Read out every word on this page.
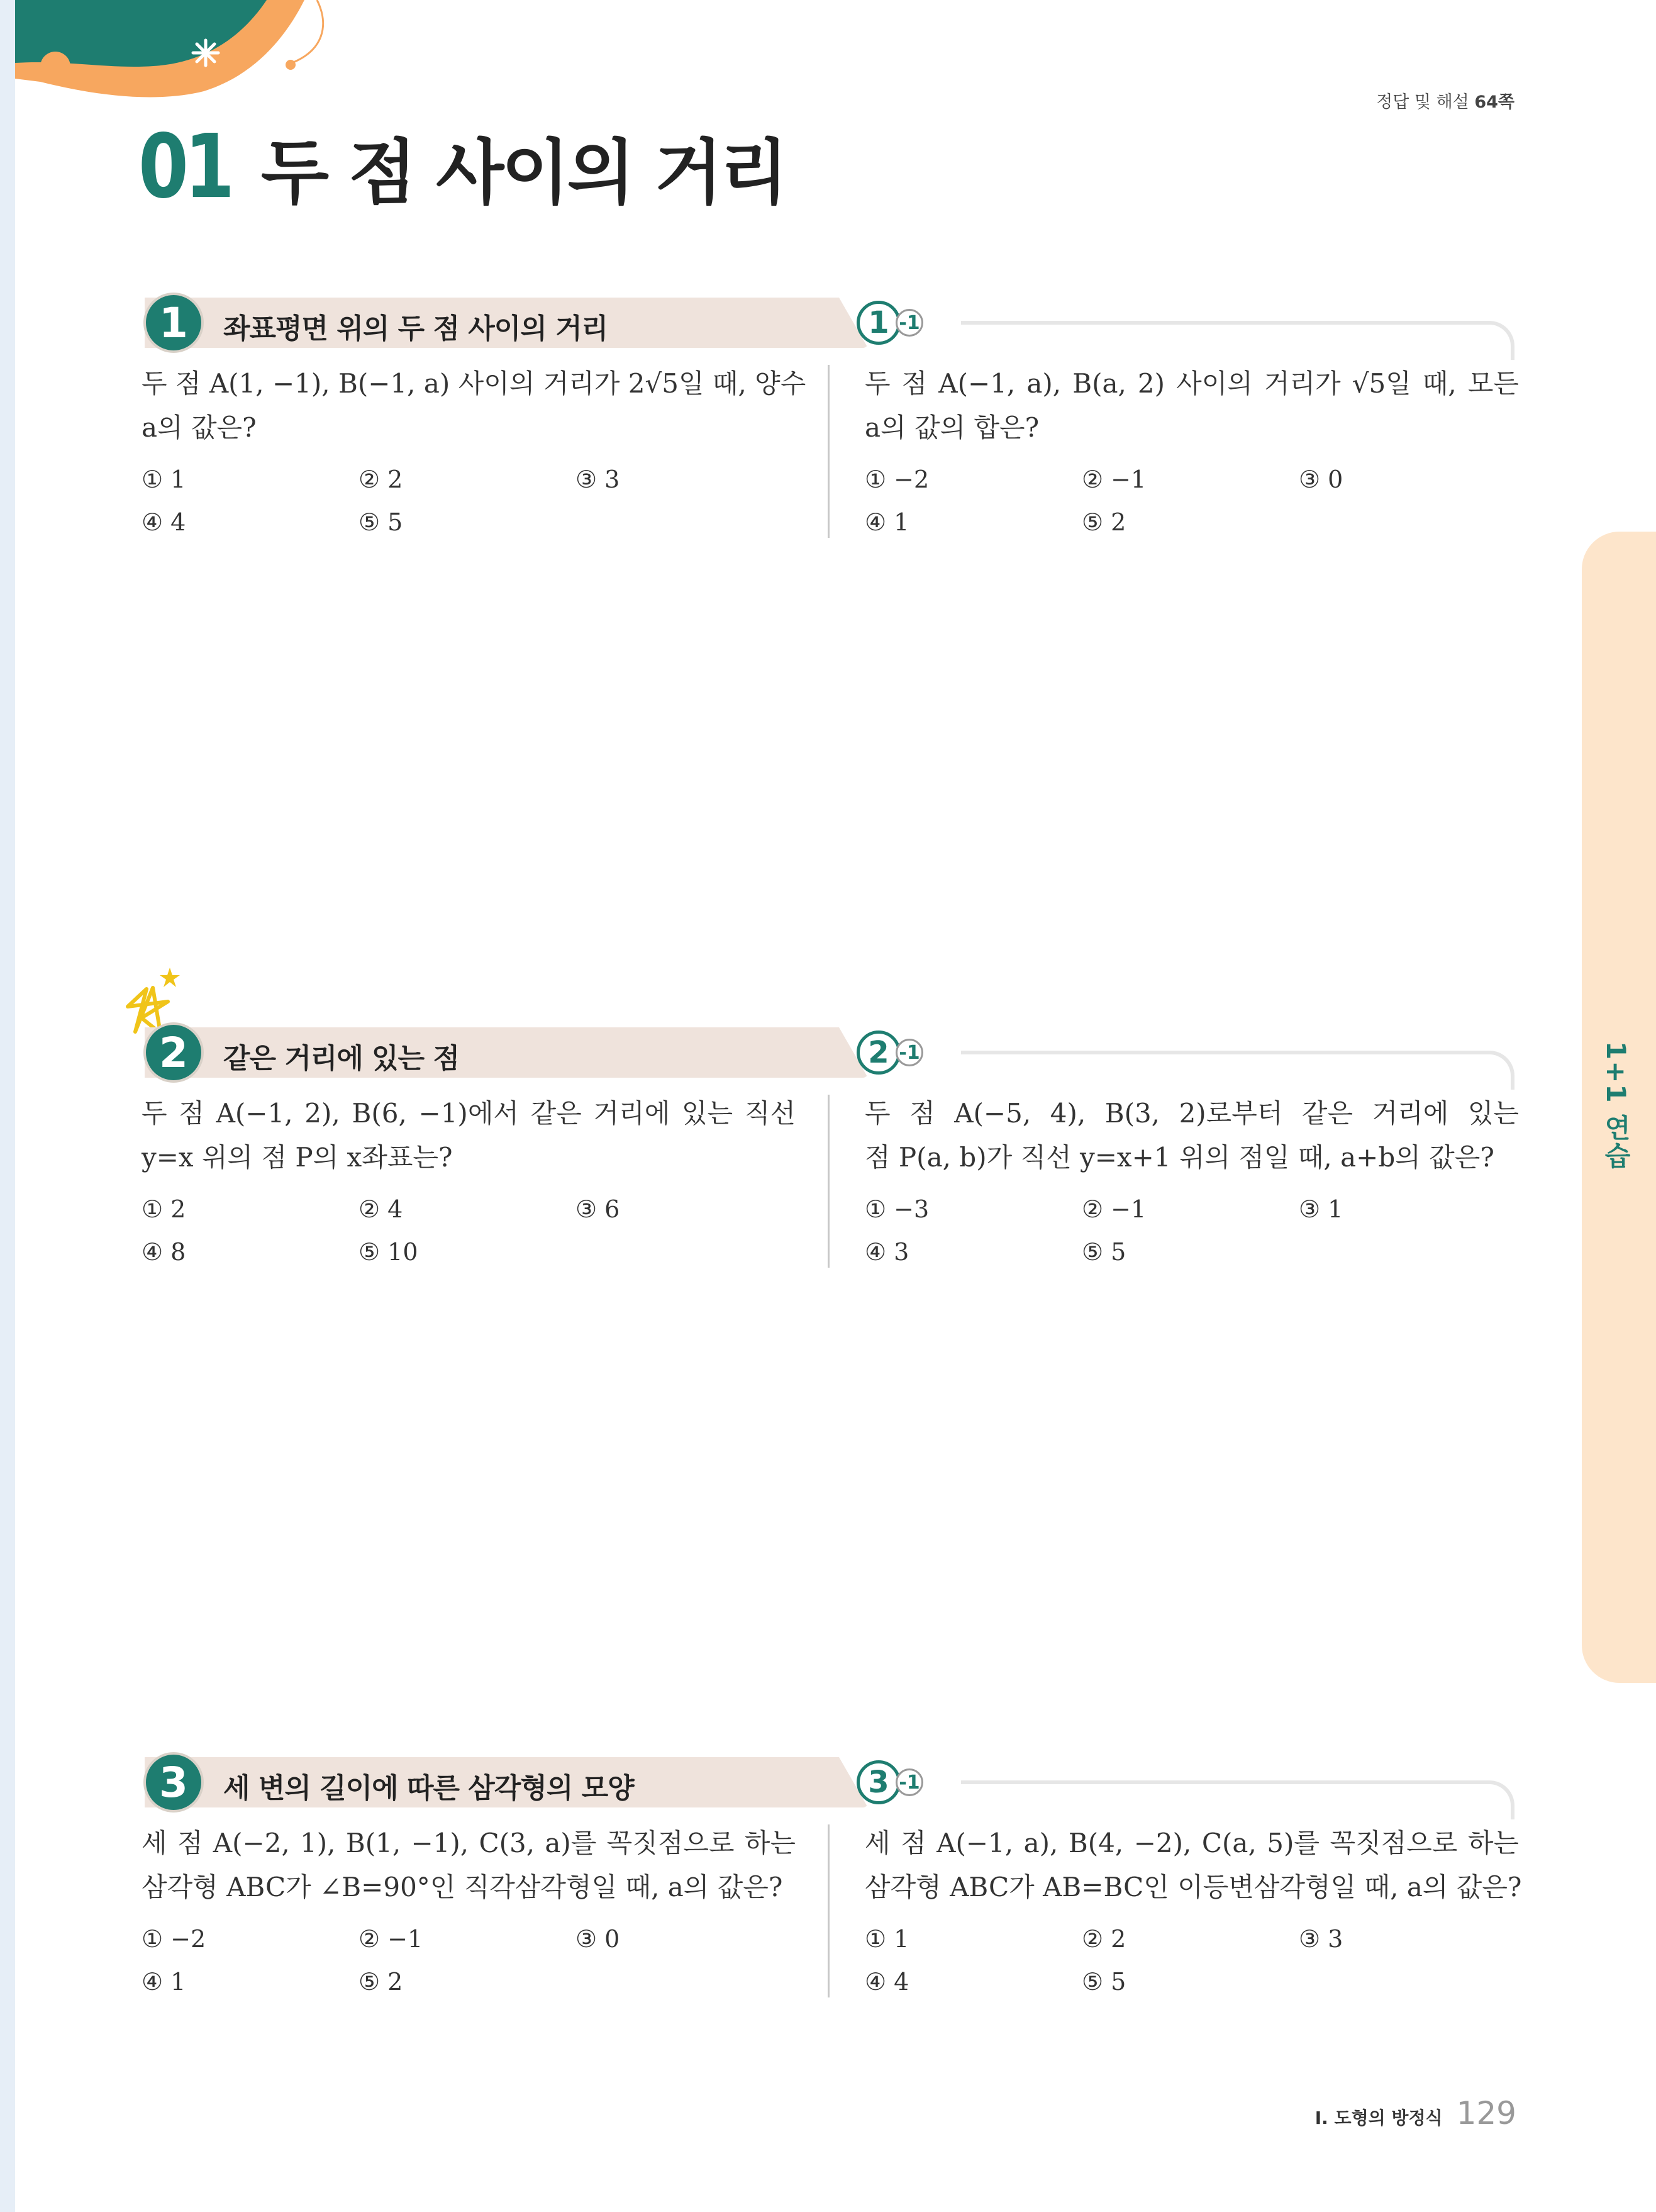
정답 및 해설 64쪽
01 두 점 사이의 거리
1+1 연습
1	좌표평면 위의 두 점 사이의 거리	1 -1
두 점 A(1, −1), B(−1, a) 사이의 거리가 2√5일 때, 양수
a의 값은?
① 1	② 2	③ 3
④ 4	⑤ 5
두 점 A(−1, a), B(a, 2) 사이의 거리가 √5일 때, 모든
a의 값의 합은?
① −2	② −1	③ 0
④ 1	⑤ 2
2	같은 거리에 있는 점	2 -1
두 점 A(−1, 2), B(6, −1)에서 같은 거리에 있는 직선
y=x 위의 점 P의 x좌표는?
① 2	② 4	③ 6
④ 8	⑤ 10
두 점 A(−5, 4), B(3, 2)로부터 같은 거리에 있는
점 P(a, b)가 직선 y=x+1 위의 점일 때, a+b의 값은?
① −3	② −1	③ 1
④ 3	⑤ 5
3	세 변의 길이에 따른 삼각형의 모양	3 -1
세 점 A(−2, 1), B(1, −1), C(3, a)를 꼭짓점으로 하는
삼각형 ABC가 ∠B=90°인 직각삼각형일 때, a의 값은?
① −2	② −1	③ 0
④ 1	⑤ 2
세 점 A(−1, a), B(4, −2), C(a, 5)를 꼭짓점으로 하는
삼각형 ABC가 AB=BC인 이등변삼각형일 때, a의 값은?
① 1	② 2	③ 3
④ 4	⑤ 5
I. 도형의 방정식 129
